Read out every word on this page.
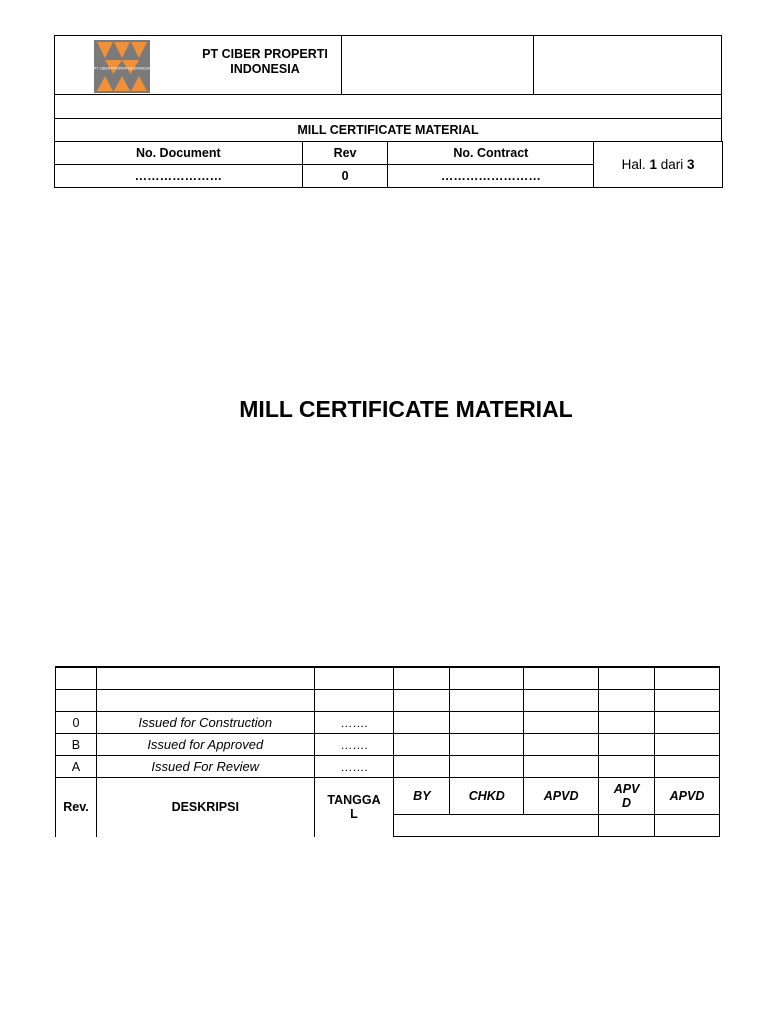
PT CIBER PROPERTI INDONESIA
PT CIBER PROPERTI INDONESIA
MILL CERTIFICATE MATERIAL
No. Document	Rev	No. Contract	Hal. 1 dari 3
…………………	0	……………………	
MILL CERTIFICATE MATERIAL

0	Issued for Construction	…….					
B	Issued for Approved	…….					
A	Issued For Review	…….					
Rev.	DESKRIPSI	TANGGAL	BY	CHKD	APVD	APVD	APVD
